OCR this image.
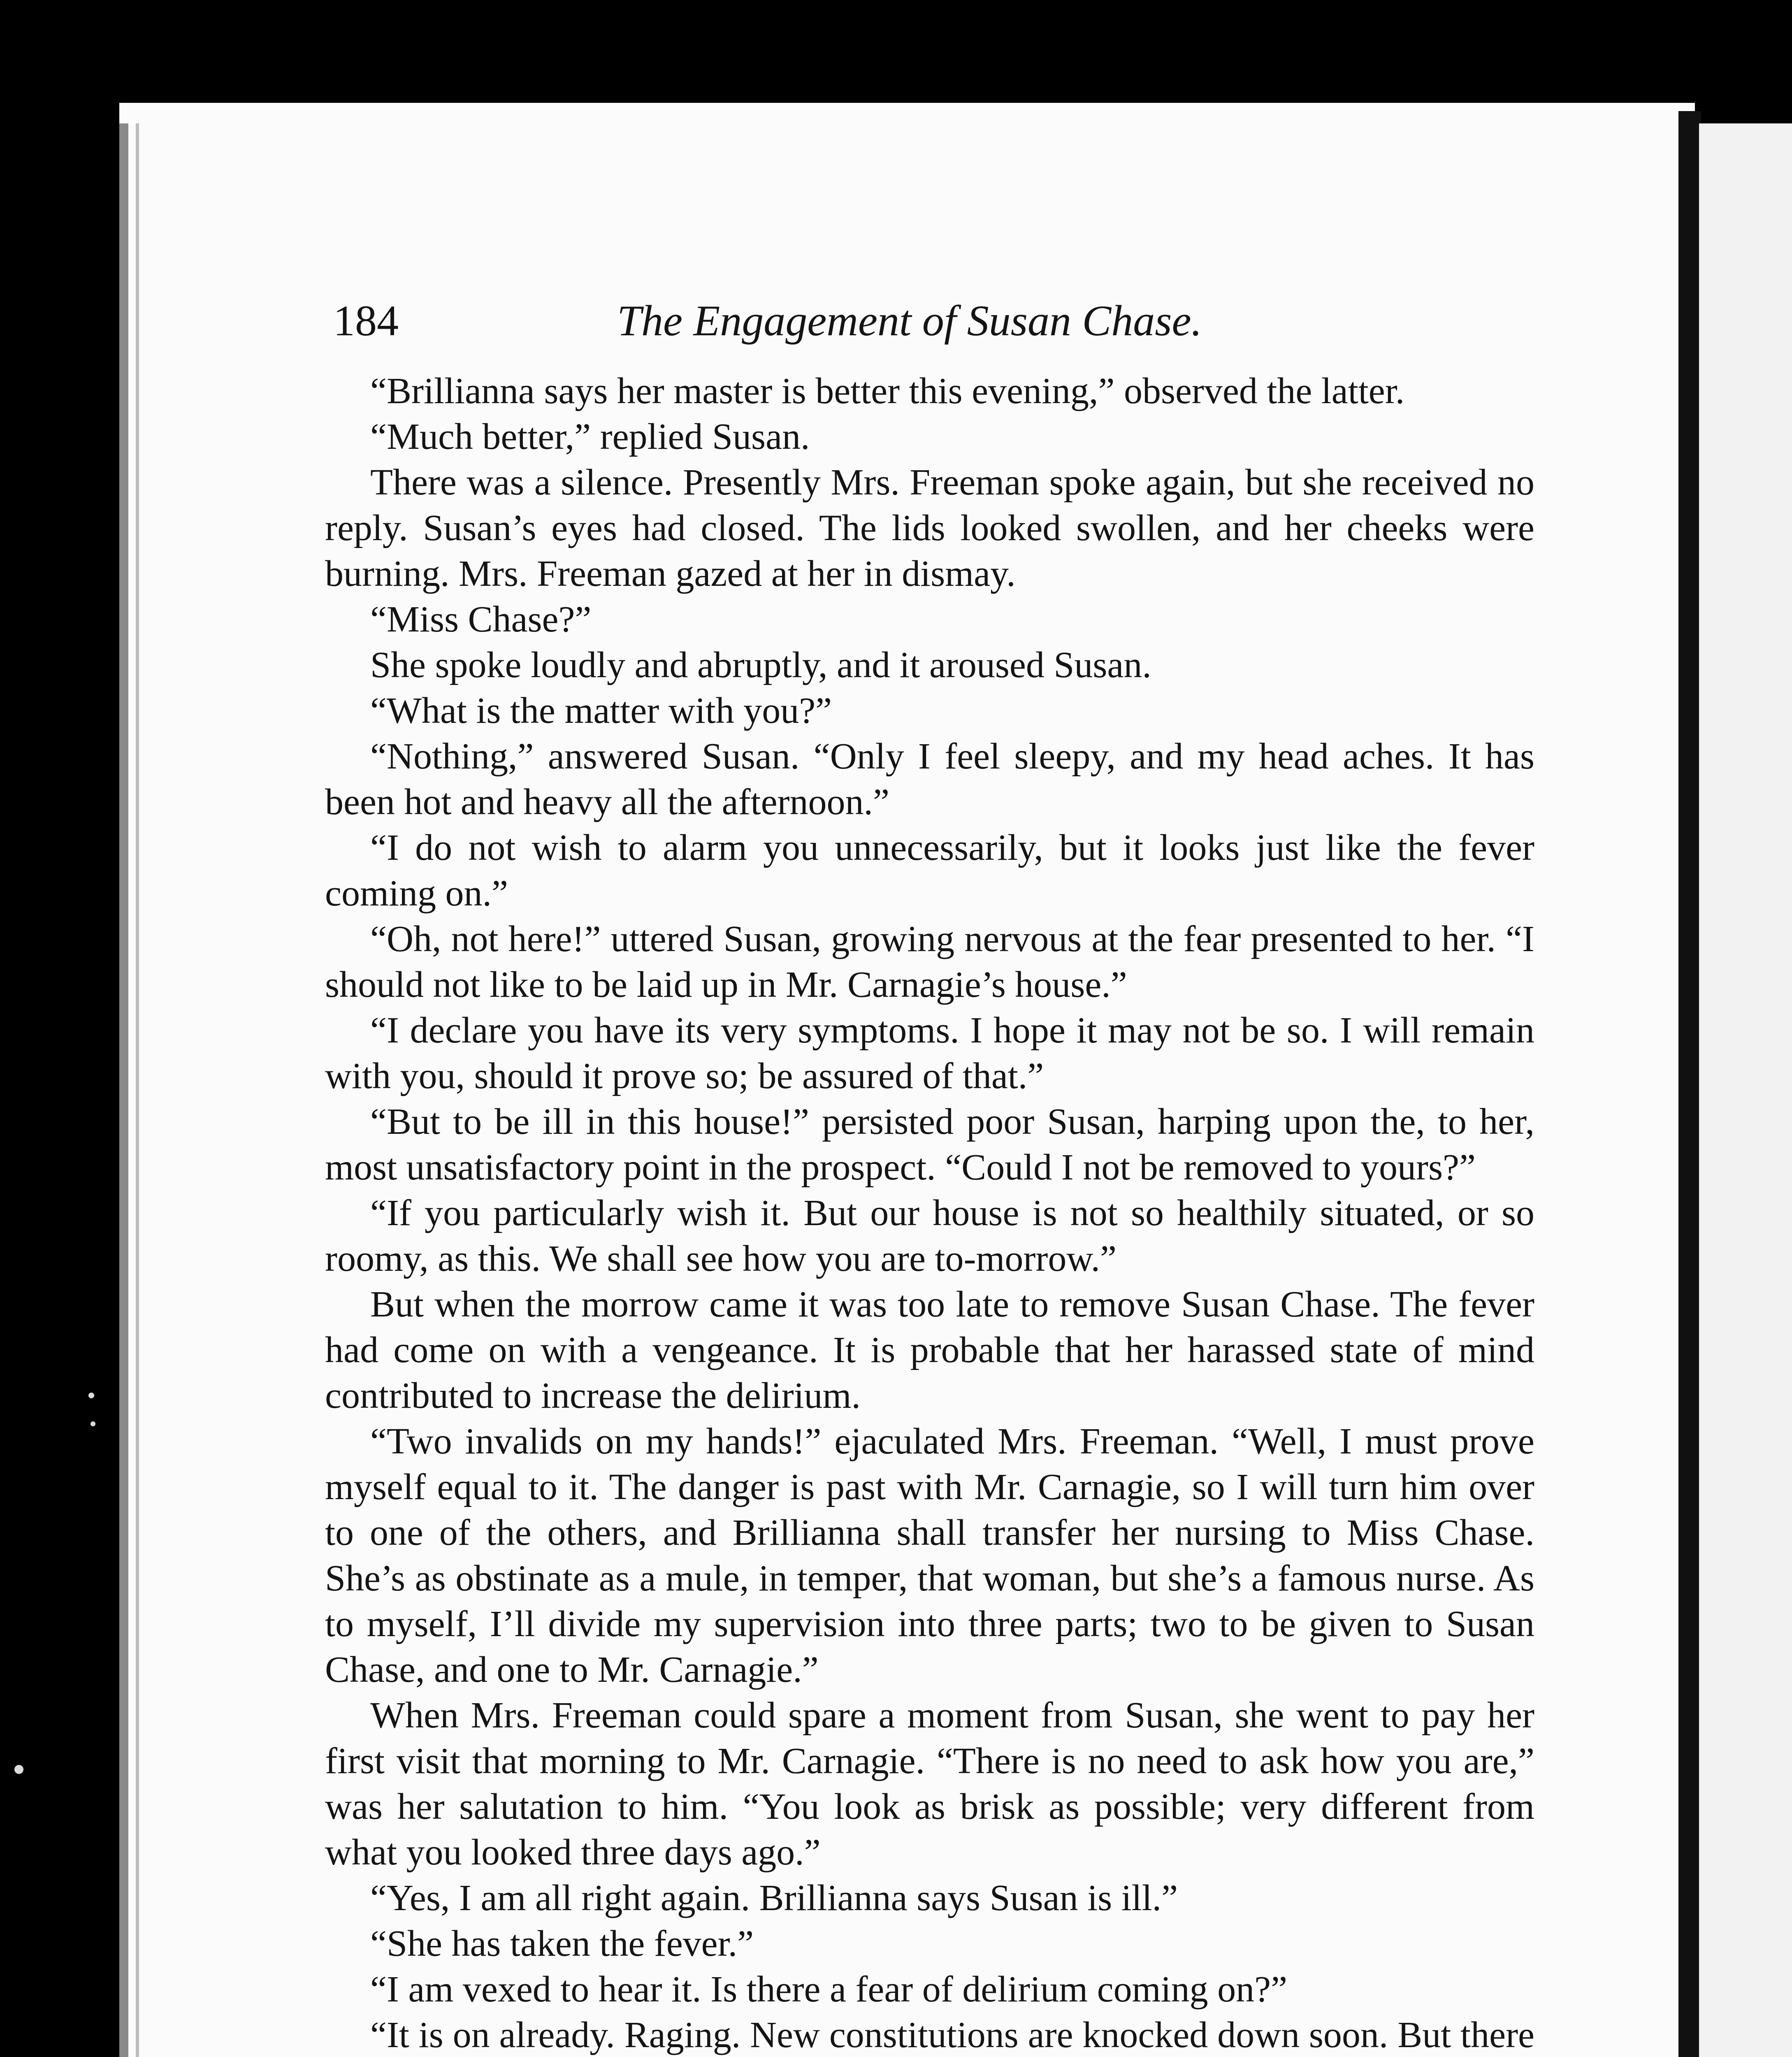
184	The Engagement of Susan Chase.

“Brillianna says her master is better this evening,” observed the latter.

“Much better,” replied Susan.

There was a silence. Presently Mrs. Freeman spoke again, but she received no reply. Susan’s eyes had closed. The lids looked swollen, and her cheeks were burning. Mrs. Freeman gazed at her in dismay.

“Miss Chase?”

She spoke loudly and abruptly, and it aroused Susan.

“What is the matter with you?”

“Nothing,” answered Susan. “Only I feel sleepy, and my head aches. It has been hot and heavy all the afternoon.”

“I do not wish to alarm you unnecessarily, but it looks just like the fever coming on.”

“Oh, not here!” uttered Susan, growing nervous at the fear presented to her. “I should not like to be laid up in Mr. Carnagie’s house.”

“I declare you have its very symptoms. I hope it may not be so. I will remain with you, should it prove so; be assured of that.”

“But to be ill in this house!” persisted poor Susan, harping upon the, to her, most unsatisfactory point in the prospect. “Could I not be removed to yours?”

“If you particularly wish it. But our house is not so healthily situated, or so roomy, as this. We shall see how you are to-morrow.”

But when the morrow came it was too late to remove Susan Chase. The fever had come on with a vengeance. It is probable that her harassed state of mind contributed to increase the delirium.

“Two invalids on my hands!” ejaculated Mrs. Freeman. “Well, I must prove myself equal to it. The danger is past with Mr. Carnagie, so I will turn him over to one of the others, and Brillianna shall transfer her nursing to Miss Chase. She’s as obstinate as a mule, in temper, that woman, but she’s a famous nurse. As to myself, I’ll divide my supervision into three parts; two to be given to Susan Chase, and one to Mr. Carnagie.”

When Mrs. Freeman could spare a moment from Susan, she went to pay her first visit that morning to Mr. Carnagie. “There is no need to ask how you are,” was her salutation to him. “You look as brisk as possible; very different from what you looked three days ago.”

“Yes, I am all right again. Brillianna says Susan is ill.”

“She has taken the fever.”

“I am vexed to hear it. Is there a fear of delirium coming on?”

“It is on already. Raging. New constitutions are knocked down soon. But there
